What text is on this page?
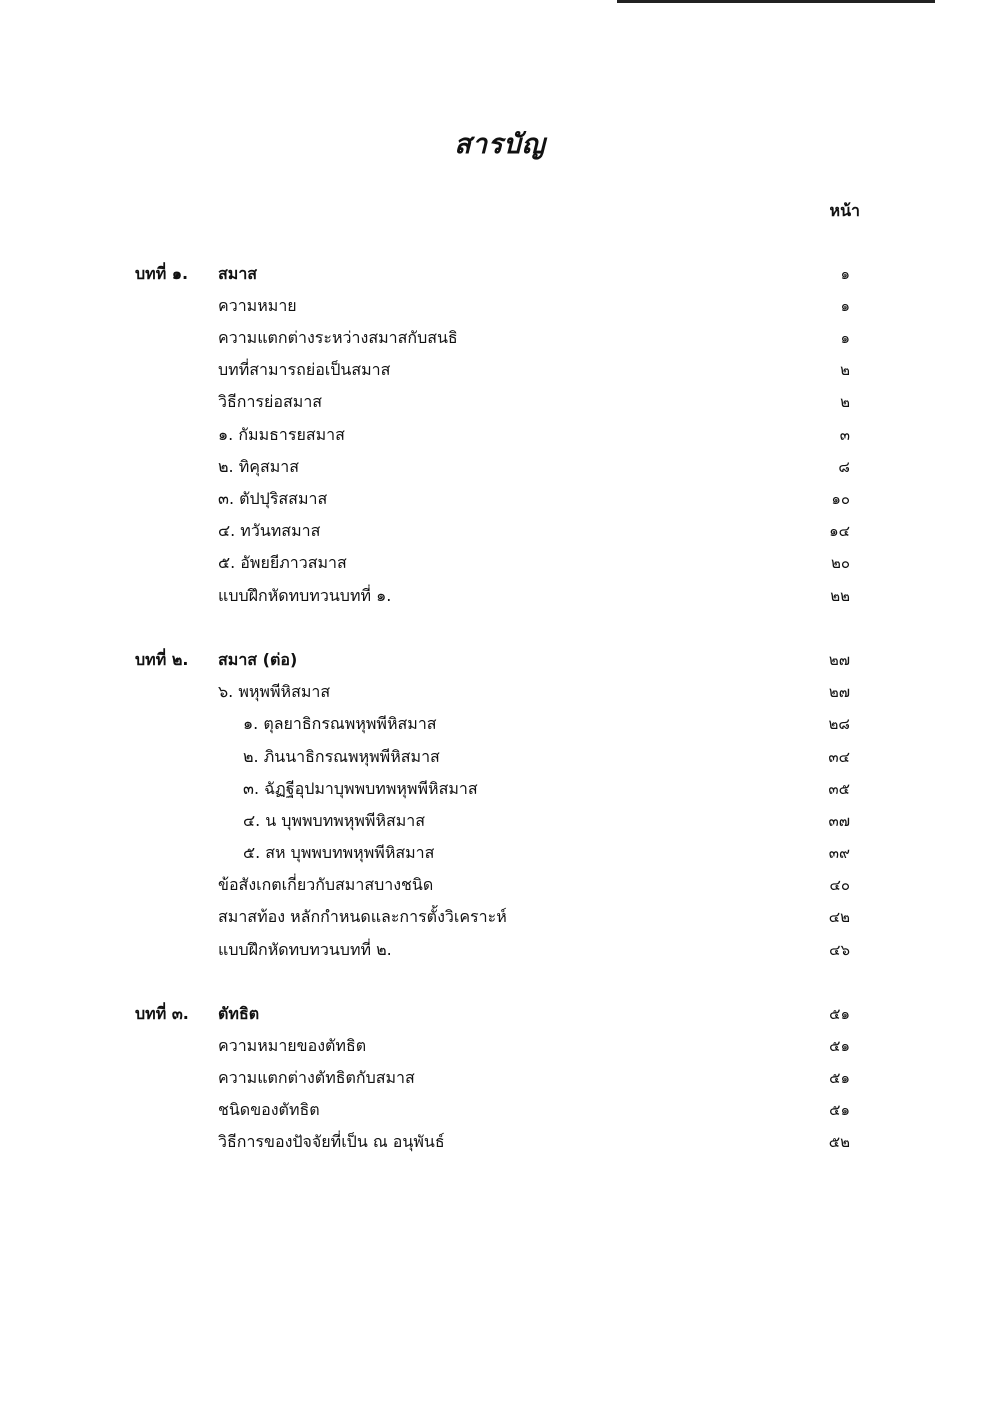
สารบัญ
หน้า
บทที่ ๑. สมาส	๑
ความหมาย	๑
ความแตกต่างระหว่างสมาสกับสนธิ	๑
บทที่สามารถย่อเป็นสมาส	๒
วิธีการย่อสมาส	๒
๑. กัมมธารยสมาส	๓
๒. ทิคุสมาส	๘
๓. ตัปปุริสสมาส	๑๐
๔. ทวันทสมาส	๑๔
๕. อัพยยีภาวสมาส	๒๐
แบบฝึกหัดทบทวนบทที่ ๑.	๒๒
บทที่ ๒. สมาส (ต่อ)	๒๗
๖. พหุพพีหิสมาส	๒๗
๑. ตุลยาธิกรณพหุพพีหิสมาส	๒๘
๒. ภินนาธิกรณพหุพพีหิสมาส	๓๔
๓. ฉัฏฐีอุปมาบุพพบทพหุพพีหิสมาส	๓๕
๔. น บุพพบทพหุพพีหิสมาส	๓๗
๕. สห บุพพบทพหุพพีหิสมาส	๓๙
ข้อสังเกตเกี่ยวกับสมาสบางชนิด	๔๐
สมาสท้อง หลักกำหนดและการตั้งวิเคราะห์	๔๒
แบบฝึกหัดทบทวนบทที่ ๒.	๔๖
บทที่ ๓. ตัทธิต	๕๑
ความหมายของตัทธิต	๕๑
ความแตกต่างตัทธิตกับสมาส	๕๑
ชนิดของตัทธิต	๕๑
วิธีการของปัจจัยที่เป็น ณ อนุพันธ์	๕๒
